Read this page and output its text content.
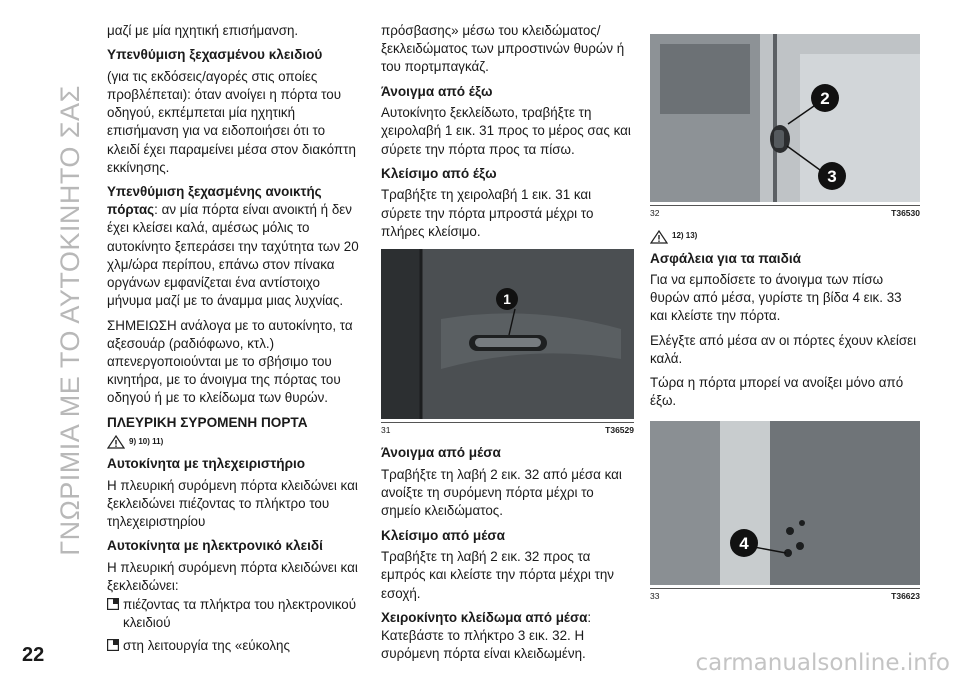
ΓΝΩΡΙΜΙΑ ΜΕ ΤΟ ΑΥΤΟΚΙΝΗΤΟ ΣΑΣ

μαζί με μία ηχητική επισήμανση.

Υπενθύμιση ξεχασμένου κλειδιού

(για τις εκδόσεις/αγορές στις οποίες προβλέπεται): όταν ανοίγει η πόρτα του οδηγού, εκπέμπεται μία ηχητική επισήμανση για να ειδοποιήσει ότι το κλειδί έχει παραμείνει μέσα στον διακόπτη εκκίνησης.

Υπενθύμιση ξεχασμένης ανοικτής πόρτας: αν μία πόρτα είναι ανοικτή ή δεν έχει κλείσει καλά, αμέσως μόλις το αυτοκίνητο ξεπεράσει την ταχύτητα των 20 χλμ/ώρα περίπου, επάνω στον πίνακα οργάνων εμφανίζεται ένα αντίστοιχο μήνυμα μαζί με το άναμμα μιας λυχνίας.

ΣΗΜΕΙΩΣΗ ανάλογα με το αυτοκίνητο, τα αξεσουάρ (ραδιόφωνο, κτλ.) απενεργοποιούνται με το σβήσιμο του κινητήρα, με το άνοιγμα της πόρτας του οδηγού ή με το κλείδωμα των θυρών.

ΠΛΕΥΡΙΚΗ ΣΥΡΟΜΕΝΗ ΠΟΡΤΑ
9) 10) 11)
Αυτοκίνητα με τηλεχειριστήριο

Η πλευρική συρόμενη πόρτα κλειδώνει και ξεκλειδώνει πιέζοντας το πλήκτρο του τηλεχειριστηρίου

Αυτοκίνητα με ηλεκτρονικό κλειδί

Η πλευρική συρόμενη πόρτα κλειδώνει και ξεκλειδώνει:

πιέζοντας τα πλήκτρα του ηλεκτρονικού κλειδιού
στη λειτουργία της «εύκολης

πρόσβασης» μέσω του κλειδώματος/ξεκλειδώματος των μπροστινών θυρών ή του πορτμπαγκάζ.

Άνοιγμα από έξω

Αυτοκίνητο ξεκλείδωτο, τραβήξτε τη χειρολαβή 1 εικ. 31 προς το μέρος σας και σύρετε την πόρτα προς τα πίσω.

Κλείσιμο από έξω

Τραβήξτε τη χειρολαβή 1 εικ. 31 και σύρετε την πόρτα μπροστά μέχρι το πλήρες κλείσιμο.

1
31	T36529
Άνοιγμα από μέσα

Τραβήξτε τη λαβή 2 εικ. 32 από μέσα και ανοίξτε τη συρόμενη πόρτα μέχρι το σημείο κλειδώματος.

Κλείσιμο από μέσα

Τραβήξτε τη λαβή 2 εικ. 32 προς τα εμπρός και κλείστε την πόρτα μέχρι την εσοχή.

Χειροκίνητο κλείδωμα από μέσα: Κατεβάστε το πλήκτρο 3 εικ. 32. Η συρόμενη πόρτα είναι κλειδωμένη.

2
3
32	T36530
12) 13)
Ασφάλεια για τα παιδιά

Για να εμποδίσετε το άνοιγμα των πίσω θυρών από μέσα, γυρίστε τη βίδα 4 εικ. 33 και κλείστε την πόρτα.

Ελέγξτε από μέσα αν οι πόρτες έχουν κλείσει καλά.

Τώρα η πόρτα μπορεί να ανοίξει μόνο από έξω.

4
33	T36623
22	carmanualsonline.info
